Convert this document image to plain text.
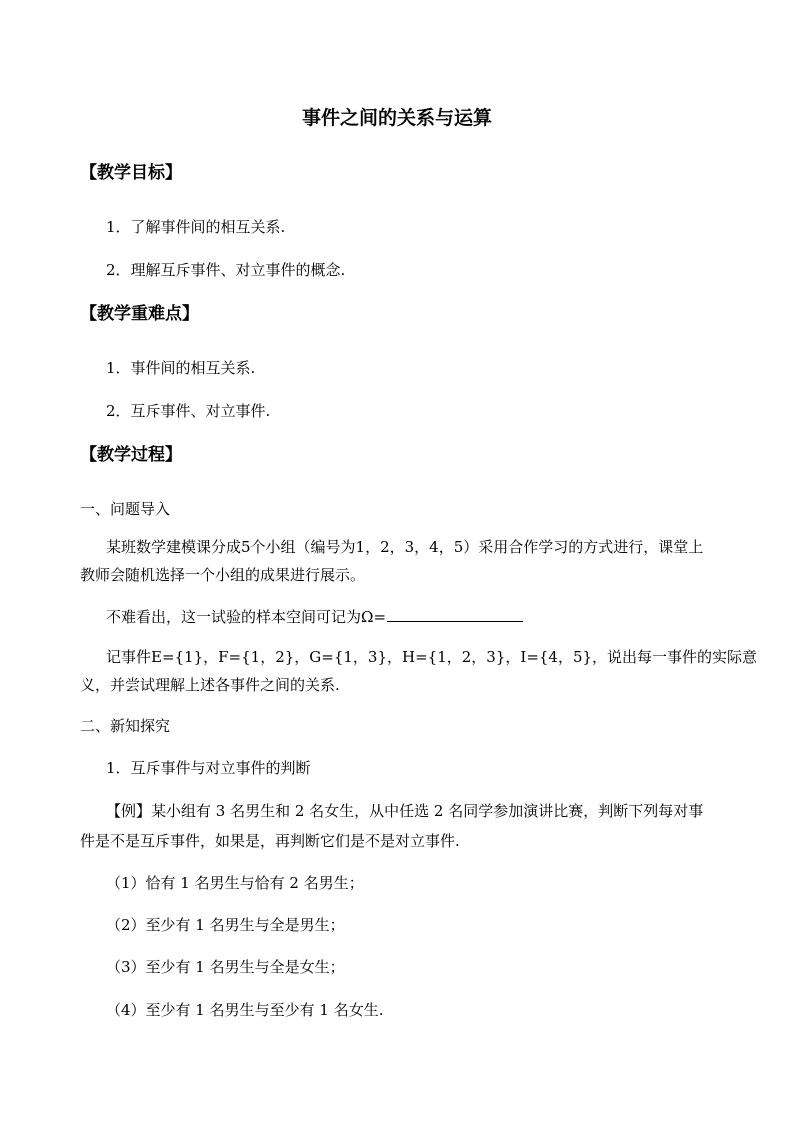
事件之间的关系与运算
【教学目标】
1．了解事件间的相互关系.
2．理解互斥事件、对立事件的概念.
【教学重难点】
1．事件间的相互关系.
2．互斥事件、对立事件.
【教学过程】
一、问题导入
某班数学建模课分成5个小组（编号为1，2，3，4，5）采用合作学习的方式进行，课堂上
教师会随机选择一个小组的成果进行展示。
不难看出，这一试验的样本空间可记为Ω=
记事件E={1}，F={1，2}，G={1，3}，H={1，2，3}，I={4，5}，说出每一事件的实际意
义，并尝试理解上述各事件之间的关系.
二、新知探究
1．互斥事件与对立事件的判断
【例】某小组有 3 名男生和 2 名女生，从中任选 2 名同学参加演讲比赛，判断下列每对事
件是不是互斥事件，如果是，再判断它们是不是对立事件.
（1）恰有 1 名男生与恰有 2 名男生；
（2）至少有 1 名男生与全是男生；
（3）至少有 1 名男生与全是女生；
（4）至少有 1 名男生与至少有 1 名女生.
